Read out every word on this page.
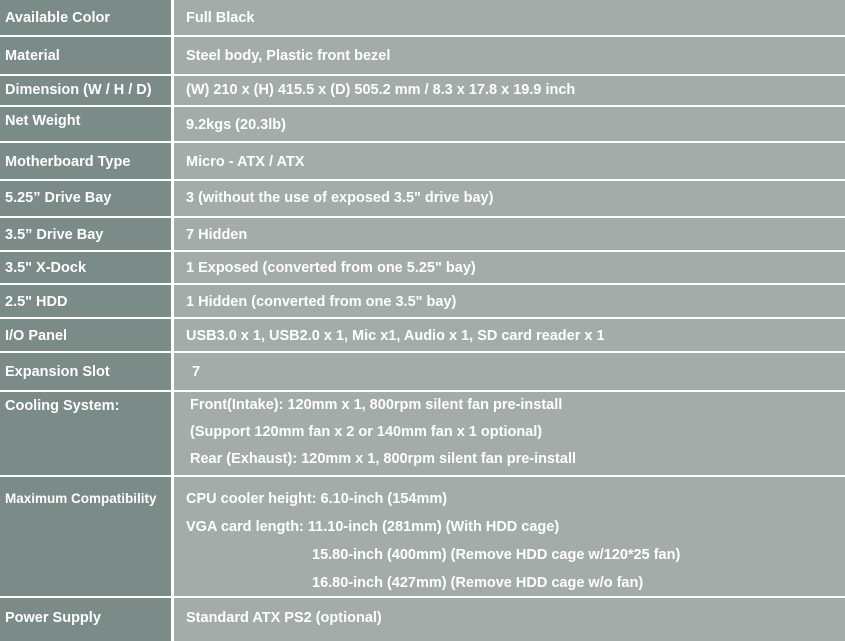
Available Color	Full Black
Material	Steel body, Plastic front bezel
Dimension (W / H / D)	(W) 210 x (H) 415.5 x (D) 505.2 mm / 8.3 x 17.8 x 19.9 inch
Net Weight	9.2kgs (20.3lb)
Motherboard Type	Micro - ATX / ATX
5.25” Drive Bay	3 (without the use of exposed 3.5" drive bay)
3.5” Drive Bay	7 Hidden
3.5" X-Dock	1 Exposed (converted from one 5.25" bay)
2.5" HDD	1 Hidden (converted from one 3.5" bay)
I/O Panel	USB3.0 x 1, USB2.0 x 1, Mic x1, Audio x 1, SD card reader x 1
Expansion Slot	7
Cooling System:	Front(Intake): 120mm x 1, 800rpm silent fan pre-install
(Support 120mm fan x 2 or 140mm fan x 1 optional)
Rear (Exhaust): 120mm x 1, 800rpm silent fan pre-install
Maximum Compatibility	CPU cooler height: 6.10-inch (154mm)
VGA card length: 11.10-inch (281mm) (With HDD cage)
15.80-inch (400mm) (Remove HDD cage w/120*25 fan)
16.80-inch (427mm) (Remove HDD cage w/o fan)
Power Supply	Standard ATX PS2 (optional)
